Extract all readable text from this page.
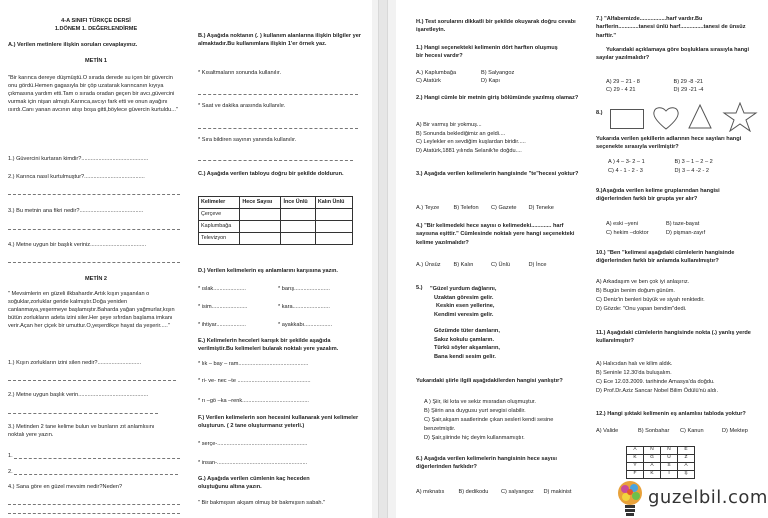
4-A SINIFI TÜRKÇE DERSİ
1.DÖNEM 1. DEĞERLENDİRME
A.) Verilen metinlere ilişkin soruları cevaplayınız.
METİN 1
"Bir karınca dereye düşmüştü.O sırada derede su içen bir güvercin onu gördü.Hemen gagasıyla bir çöp uzatarak karıncanın kıyıya çıkmasına yardım etti.Tam o sırada oradan geçen bir avcı,güvercini vurmak için nişan almıştı.Karınca,avcıyı fark etti ve onun ayağını ısırdı.Canı yanan avcının atışı boşa gitti,böylece güvercin kurtuldu..."
1.) Güvercini kurtaran kimdir?...........................................
2.) Karınca nasıl kurtulmuştur?.......................................
3.) Bu metnin ana fikri nedir?.........................................
4.) Metne uygun bir başlık veriniz....................................
METİN 2
" Mevsimlerin en güzeli ilkbahardır.Artık kışın yaşanılan o soğuklar,zorluklar geride kalmıştır.Doğa yeniden canlanmaya,yeşermeye başlamıştır.Baharda yağan yağmurlar,kışın bütün zorlukların adeta izini siler.Her şeye sıfırdan başlama imkanı verir.Açan her çiçek bir umuttur.O,yeşerdikçe hayat da yeşerir....."
1.) Kışın zorlukların izini silen nedir?............................
2.) Metne uygun başlık verin.............................................
3.) Metinden 2 tane kelime bulun ve bunların zıt anlamlısını noktalı yere yazın.
1.
2.
4.) Sana göre en güzel mevsim nedir?Neden?
B.) Aşağıda noktanın (. ) kullanım alanlarına ilişkin bilgiler yer almaktadır.Bu kullanımlara ilişkin 1'er örnek yaz.
* Kısaltmaların sonunda kullanılır.
* Saat ve dakika arasında kullanılır.
* Sıra bildiren sayının yanında kullanılır.
C.) Aşağıda verilen tabloyu doğru bir şekilde doldurun.
Kelimeler	Hece Sayısı	İnce Ünlü	Kalın Ünlü
Çerçeve			
Kaplumbağa			
Televizyon			
D.) Verilen kelimelerin eş anlamlarını karşısına yazın.
* ıslak.....................	* barış.......................
* isim.......................	* kara........................
* ihtiyar...................	* ayakkabı..................
E.) Kelimelerin heceleri karışık bir şekilde aşağıda verilmiştir.Bu kelimeleri bularak noktalı yere yazalım.
* lık – bay – ram.............................................
* ri- ve- nec –te ...............................................
* rı –gö –ka –renk...........................................
F.) Verilen kelimelerin son hecesini kullanarak yeni kelimeler oluşturun. ( 2 tane oluşturmanız yeterli.)
* serçe-..........................................................
* insan-..........................................................
G.) Aşağıda verilen cümlenin kaç heceden oluştuğunu altına yazın.
" Bir bakmışsın akşam olmuş bir bakmışsın sabah."
H.) Test sorularını dikkatli bir şekilde okuyarak doğru cevabı işaretleyin.
1.) Hangi seçenekteki kelimenin dört harften oluşmuş bir hecesi vardır?
A.) Kaplumbağa	B) Salyangoz
C) Atatürk	D) Kapı
2.) Hangi cümle bir metnin giriş bölümünde yazılmış olamaz?
A) Bir varmış bir yokmuş...
B) Sonunda beklediğimiz an geldi....
C) Leylekler en sevdiğim kuşlardan biridir.....
D) Atatürk,1881 yılında Selanik'te doğdu....
3.) Aşağıda verilen kelimelerin hangisinde "te"hecesi yoktur?
A.) Teyze	B) Telefon	C) Gazete	D) Teneke
4.) "Bir kelimedeki hece sayısı o kelimedeki............. harf sayısına eşittir." Cümlesinde noktalı yere hangi seçenekteki kelime yazılmalıdır?
A.) Ünsüz	B) Kalın	C) Ünlü	D) İnce
5.)	"Güzel yurdum dağlarını,
Uzaktan göresim gelir.
Keskin esen yellerine,
Kendimi veresim gelir.
Gözümde tüter damların,
Sakız kokulu çamların.
Türkü söyler akşamların,
Bana kendi sesim gelir.
Yukarıdaki şiirle ilgili aşağıdakilerden hangisi yanlıştır?
A ) Şiir, iki kıta ve sekiz mısradan oluşmuştur.
B) Şiirin ana duygusu yurt sevgisi olabilir.
C) Şair,akşam saatlerinde çıkan sesleri kendi sesine benzetmiştir.
D) Şair,şiirinde hiç deyim kullanmamıştır.
6.) Aşağıda verilen kelimelerin hangisinin hece sayısı diğerlerinden farklıdır?
A) mıknatıs	B) dedikodu	C) salyangoz	D) makinist
7.) "Alfabemizde.................harf vardır.Bu harflerin.............tanesi ünlü harf...............tanesi de ünsüz harftir."
Yukarıdaki açıklamaya göre boşluklara sırasıyla hangi sayılar yazılmalıdır?
A) 29 – 21 - 8	B) 29 -8 -21
C) 29 - 4 21	D) 29 -21 -4
8.)
Yukarıda verilen şekillerin adlarının hece sayıları hangi seçenekte sırasıyla verilmiştir?
A ) 4 – 3- 2 – 1	B) 3 – 1 – 2 – 2
C) 4 - 1 - 2 - 3	D) 3 – 4 -2 - 2
9.)Aşağıda verilen kelime gruplarından hangisi diğerlerinden farklı bir grupta yer alır?
A) eski –yeni	B) taze-bayat
C) hekim –doktor	D) pişman-zayıf
10.) "Ben "kelimesi aşağıdaki cümlelerin hangisinde diğerlerinden farklı bir anlamda kullanılmıştır?
A) Arkadaşım ve ben çok iyi anlaşırız.
B) Bugün benim doğum günüm.
C) Deniz'in benleri büyük ve siyah renktedir.
D) Gözde: "Onu yapan bendim"dedi.
11.) Aşağıdaki cümlelerin hangisinde nokta (.) yanlış yerde kullanılmıştır?
A) Halıcıdan halı ve kilim aldık.
B) Seninle 12.30'da buluşalım.
C) Ece 12.03.2009. tarihinde Amasya'da doğdu.
D) Prof.Dr.Aziz Sancar Nobel Bilim Ödülü'nü aldı.
12.) Hangi şıktaki kelimenin eş anlamlısı tabloda yoktur?
A) Valide	B) Sonbahar	C) Kanun	D) Mektep
A	N	N	E
K	G	Ü	Z
Y	A	S	A
F	K	I	Ş
guzelbil.com
